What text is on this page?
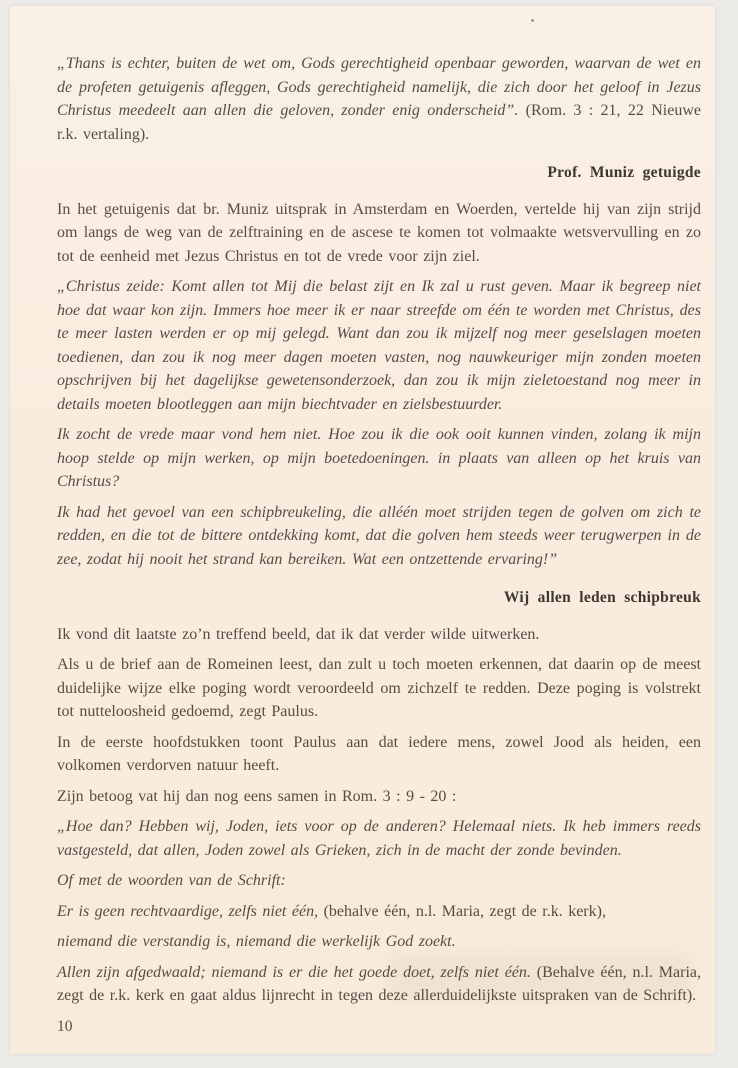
„Thans is echter, buiten de wet om, Gods gerechtigheid openbaar geworden, waarvan de wet en de profeten getuigenis afleggen, Gods gerechtigheid namelijk, die zich door het geloof in Jezus Christus meedeelt aan allen die geloven, zonder enig onderscheid”. (Rom. 3 : 21, 22 Nieuwe r.k. vertaling).

Prof. Muniz getuigde

In het getuigenis dat br. Muniz uitsprak in Amsterdam en Woerden, vertelde hij van zijn strijd om langs de weg van de zelftraining en de ascese te komen tot volmaakte wetsvervulling en zo tot de eenheid met Jezus Christus en tot de vrede voor zijn ziel.

„Christus zeide: Komt allen tot Mij die belast zijt en Ik zal u rust geven. Maar ik begreep niet hoe dat waar kon zijn. Immers hoe meer ik er naar streefde om één te worden met Christus, des te meer lasten werden er op mij gelegd. Want dan zou ik mijzelf nog meer geselslagen moeten toedienen, dan zou ik nog meer dagen moeten vasten, nog nauwkeuriger mijn zonden moeten opschrijven bij het dagelijkse gewetensonderzoek, dan zou ik mijn zieletoestand nog meer in details moeten blootleggen aan mijn biechtvader en zielsbestuurder.

Ik zocht de vrede maar vond hem niet. Hoe zou ik die ook ooit kunnen vinden, zolang ik mijn hoop stelde op mijn werken, op mijn boetedoeningen. in plaats van alleen op het kruis van Christus?

Ik had het gevoel van een schipbreukeling, die alléén moet strijden tegen de golven om zich te redden, en die tot de bittere ontdekking komt, dat die golven hem steeds weer terugwerpen in de zee, zodat hij nooit het strand kan bereiken. Wat een ontzettende ervaring!”

Wij allen leden schipbreuk

Ik vond dit laatste zo’n treffend beeld, dat ik dat verder wilde uitwerken.

Als u de brief aan de Romeinen leest, dan zult u toch moeten erkennen, dat daarin op de meest duidelijke wijze elke poging wordt veroordeeld om zichzelf te redden. Deze poging is volstrekt tot nutteloosheid gedoemd, zegt Paulus.

In de eerste hoofdstukken toont Paulus aan dat iedere mens, zowel Jood als heiden, een volkomen verdorven natuur heeft.

Zijn betoog vat hij dan nog eens samen in Rom. 3 : 9 - 20 :

„Hoe dan? Hebben wij, Joden, iets voor op de anderen? Helemaal niets. Ik heb immers reeds vastgesteld, dat allen, Joden zowel als Grieken, zich in de macht der zonde bevinden.

Of met de woorden van de Schrift:

Er is geen rechtvaardige, zelfs niet één, (behalve één, n.l. Maria, zegt de r.k. kerk),

niemand die verstandig is, niemand die werkelijk God zoekt.

Allen zijn afgedwaald; niemand is er die het goede doet, zelfs niet één. (Behalve één, n.l. Maria, zegt de r.k. kerk en gaat aldus lijnrecht in tegen deze allerduidelijkste uitspraken van de Schrift).

10
